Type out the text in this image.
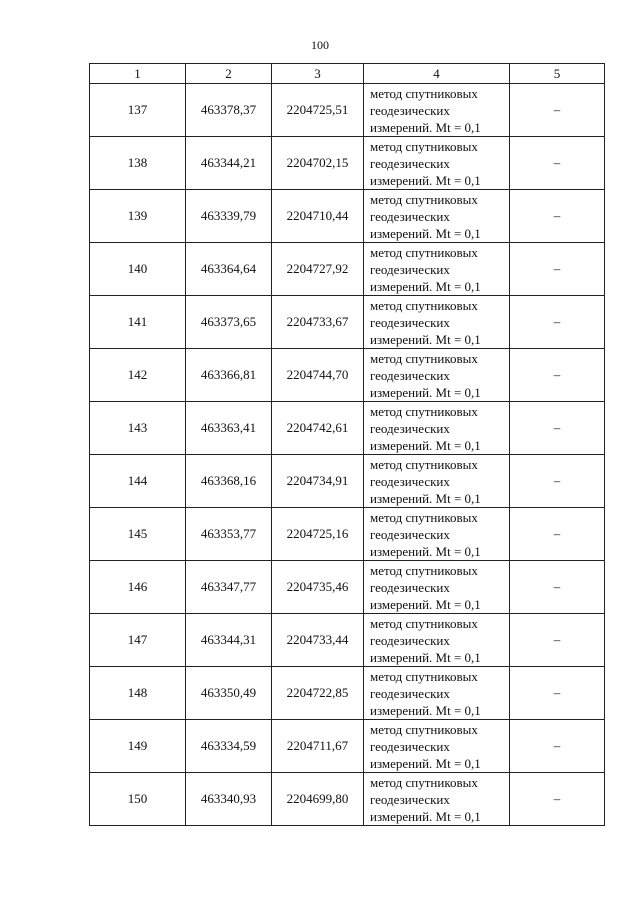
100
1	2	3	4	5
137	463378,37	2204725,51	метод спутниковых
геодезических
измерений. Mt = 0,1	–
138	463344,21	2204702,15	метод спутниковых
геодезических
измерений. Mt = 0,1	–
139	463339,79	2204710,44	метод спутниковых
геодезических
измерений. Mt = 0,1	–
140	463364,64	2204727,92	метод спутниковых
геодезических
измерений. Mt = 0,1	–
141	463373,65	2204733,67	метод спутниковых
геодезических
измерений. Mt = 0,1	–
142	463366,81	2204744,70	метод спутниковых
геодезических
измерений. Mt = 0,1	–
143	463363,41	2204742,61	метод спутниковых
геодезических
измерений. Mt = 0,1	–
144	463368,16	2204734,91	метод спутниковых
геодезических
измерений. Mt = 0,1	–
145	463353,77	2204725,16	метод спутниковых
геодезических
измерений. Mt = 0,1	–
146	463347,77	2204735,46	метод спутниковых
геодезических
измерений. Mt = 0,1	–
147	463344,31	2204733,44	метод спутниковых
геодезических
измерений. Mt = 0,1	–
148	463350,49	2204722,85	метод спутниковых
геодезических
измерений. Mt = 0,1	–
149	463334,59	2204711,67	метод спутниковых
геодезических
измерений. Mt = 0,1	–
150	463340,93	2204699,80	метод спутниковых
геодезических
измерений. Mt = 0,1	–
